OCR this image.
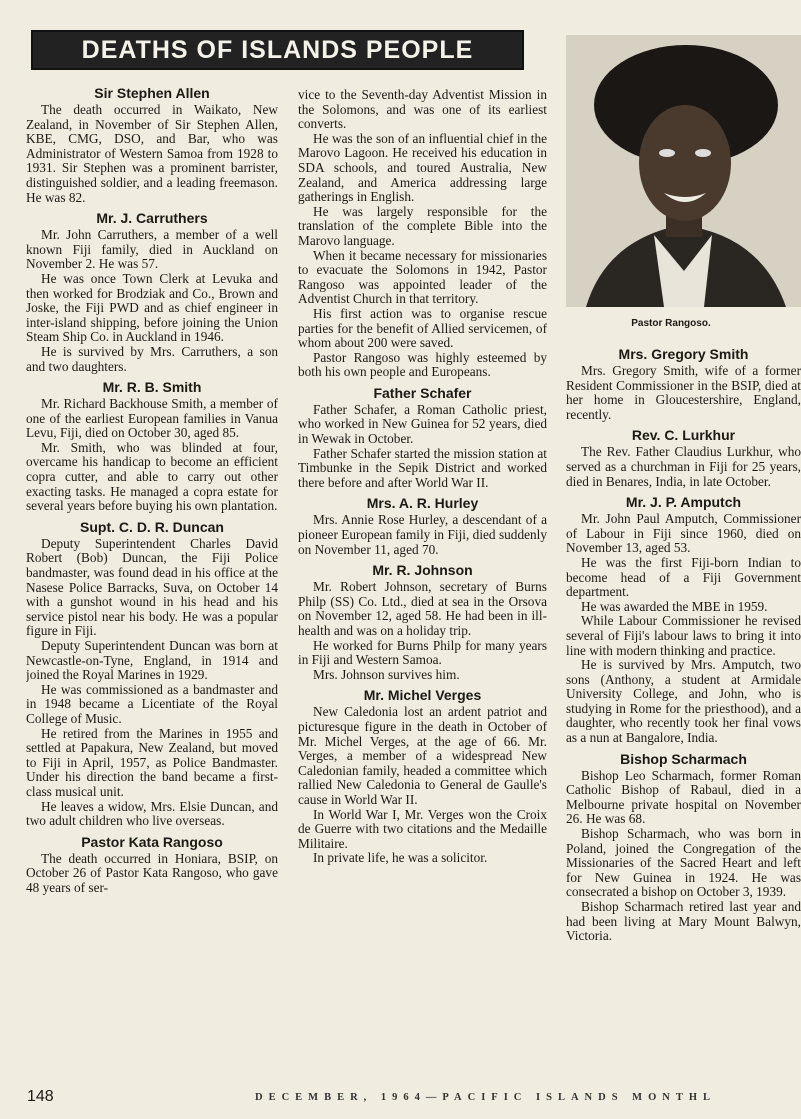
DEATHS OF ISLANDS PEOPLE
Pastor Rangoso.
Sir Stephen Allen

The death occurred in Waikato, New Zealand, in November of Sir Stephen Allen, KBE, CMG, DSO, and Bar, who was Administrator of Western Samoa from 1928 to 1931. Sir Stephen was a prominent barrister, distinguished soldier, and a leading freemason. He was 82.

Mr. J. Carruthers

Mr. John Carruthers, a member of a well known Fiji family, died in Auckland on November 2. He was 57.

He was once Town Clerk at Levuka and then worked for Brodziak and Co., Brown and Joske, the Fiji PWD and as chief engineer in inter-island shipping, before joining the Union Steam Ship Co. in Auckland in 1946.

He is survived by Mrs. Carruthers, a son and two daughters.

Mr. R. B. Smith

Mr. Richard Backhouse Smith, a member of one of the earliest European families in Vanua Levu, Fiji, died on October 30, aged 85.

Mr. Smith, who was blinded at four, overcame his handicap to become an efficient copra cutter, and able to carry out other exacting tasks. He managed a copra estate for several years before buying his own plantation.

Supt. C. D. R. Duncan

Deputy Superintendent Charles David Robert (Bob) Duncan, the Fiji Police bandmaster, was found dead in his office at the Nasese Police Barracks, Suva, on October 14 with a gunshot wound in his head and his service pistol near his body. He was a popular figure in Fiji.

Deputy Superintendent Duncan was born at Newcastle-on-Tyne, England, in 1914 and joined the Royal Marines in 1929.

He was commissioned as a bandmaster and in 1948 became a Licentiate of the Royal College of Music.

He retired from the Marines in 1955 and settled at Papakura, New Zealand, but moved to Fiji in April, 1957, as Police Bandmaster. Under his direction the band became a first-class musical unit.

He leaves a widow, Mrs. Elsie Duncan, and two adult children who live overseas.

Pastor Kata Rangoso

The death occurred in Honiara, BSIP, on October 26 of Pastor Kata Rangoso, who gave 48 years of ser-

vice to the Seventh-day Adventist Mission in the Solomons, and was one of its earliest converts.

He was the son of an influential chief in the Marovo Lagoon. He received his education in SDA schools, and toured Australia, New Zealand, and America addressing large gatherings in English.

He was largely responsible for the translation of the complete Bible into the Marovo language.

When it became necessary for missionaries to evacuate the Solomons in 1942, Pastor Rangoso was appointed leader of the Adventist Church in that territory.

His first action was to organise rescue parties for the benefit of Allied servicemen, of whom about 200 were saved.

Pastor Rangoso was highly esteemed by both his own people and Europeans.

Father Schafer

Father Schafer, a Roman Catholic priest, who worked in New Guinea for 52 years, died in Wewak in October.

Father Schafer started the mission station at Timbunke in the Sepik District and worked there before and after World War II.

Mrs. A. R. Hurley

Mrs. Annie Rose Hurley, a descendant of a pioneer European family in Fiji, died suddenly on November 11, aged 70.

Mr. R. Johnson

Mr. Robert Johnson, secretary of Burns Philp (SS) Co. Ltd., died at sea in the Orsova on November 12, aged 58. He had been in ill-health and was on a holiday trip.

He worked for Burns Philp for many years in Fiji and Western Samoa.

Mrs. Johnson survives him.

Mr. Michel Verges

New Caledonia lost an ardent patriot and picturesque figure in the death in October of Mr. Michel Verges, at the age of 66. Mr. Verges, a member of a widespread New Caledonian family, headed a committee which rallied New Caledonia to General de Gaulle's cause in World War II.

In World War I, Mr. Verges won the Croix de Guerre with two citations and the Medaille Militaire.

In private life, he was a solicitor.

Mrs. Gregory Smith

Mrs. Gregory Smith, wife of a former Resident Commissioner in the BSIP, died at her home in Gloucestershire, England, recently.

Rev. C. Lurkhur

The Rev. Father Claudius Lurkhur, who served as a churchman in Fiji for 25 years, died in Benares, India, in late October.

Mr. J. P. Amputch

Mr. John Paul Amputch, Commissioner of Labour in Fiji since 1960, died on November 13, aged 53.

He was the first Fiji-born Indian to become head of a Fiji Government department.

He was awarded the MBE in 1959.

While Labour Commissioner he revised several of Fiji's labour laws to bring it into line with modern thinking and practice.

He is survived by Mrs. Amputch, two sons (Anthony, a student at Armidale University College, and John, who is studying in Rome for the priesthood), and a daughter, who recently took her final vows as a nun at Bangalore, India.

Bishop Scharmach

Bishop Leo Scharmach, former Roman Catholic Bishop of Rabaul, died in a Melbourne private hospital on November 26. He was 68.

Bishop Scharmach, who was born in Poland, joined the Congregation of the Missionaries of the Sacred Heart and left for New Guinea in 1924. He was consecrated a bishop on October 3, 1939.

Bishop Scharmach retired last year and had been living at Mary Mount Balwyn, Victoria.

148	DECEMBER, 1964—PACIFIC ISLANDS MONTHL
